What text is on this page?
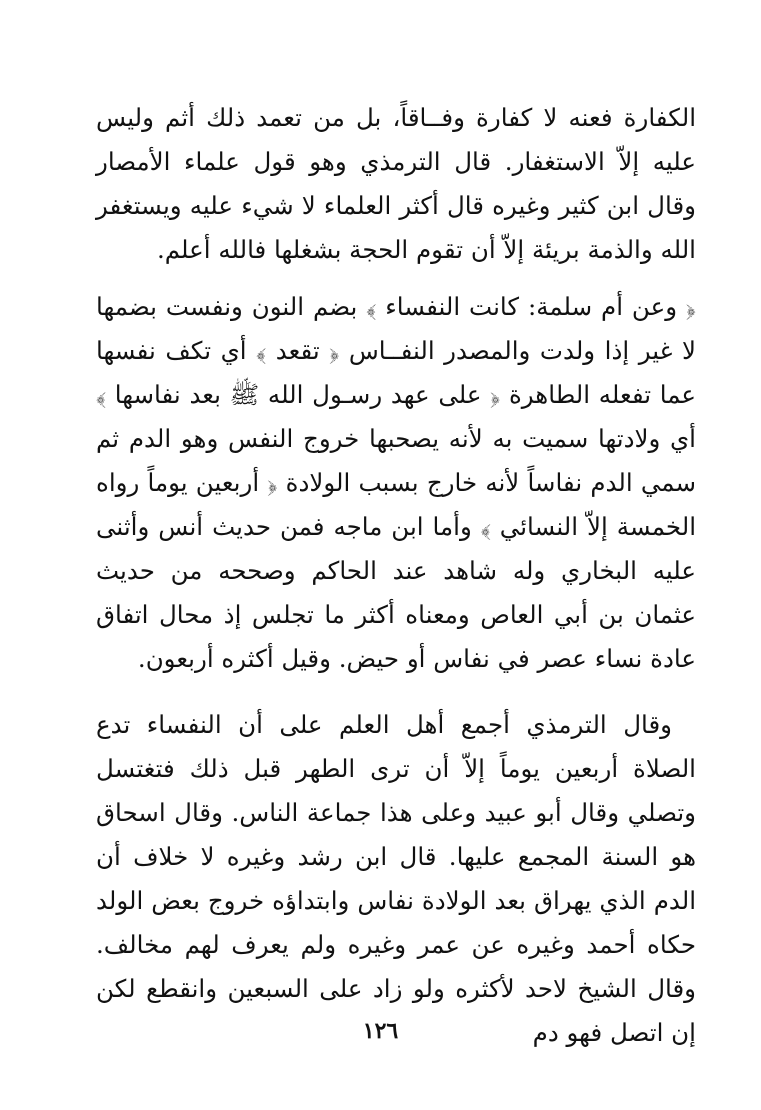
الكفارة فعنه لا كفارة وفــاقاً، بل من تعمد ذلك أثم وليس عليه إلاّ الاستغفار. قال الترمذي وهو قول علماء الأمصار وقال ابن كثير وغيره قال أكثر العلماء لا شيء عليه ويستغفر الله والذمة بريئة إلاّ أن تقوم الحجة بشغلها فالله أعلم.

﴿ وعن أم سلمة: كانت النفساء ﴾ بضم النون ونفست بضمها لا غير إذا ولدت والمصدر النفــاس ﴿ تقعد ﴾ أي تكف نفسها عما تفعله الطاهرة ﴿ على عهد رسـول الله ﷺ بعد نفاسها ﴾ أي ولادتها سميت به لأنه يصحبها خروج النفس وهو الدم ثم سمي الدم نفاساً لأنه خارج بسبب الولادة ﴿ أربعين يوماً رواه الخمسة إلاّ النسائي ﴾ وأما ابن ماجه فمن حديث أنس وأثنى عليه البخاري وله شاهد عند الحاكم وصححه من حديث عثمان بن أبي العاص ومعناه أكثر ما تجلس إذ محال اتفاق عادة نساء عصر في نفاس أو حيض. وقيل أكثره أربعون.

وقال الترمذي أجمع أهل العلم على أن النفساء تدع الصلاة أربعين يوماً إلاّ أن ترى الطهر قبل ذلك فتغتسل وتصلي وقال أبو عبيد وعلى هذا جماعة الناس. وقال اسحاق هو السنة المجمع عليها. قال ابن رشد وغيره لا خلاف أن الدم الذي يهراق بعد الولادة نفاس وابتداؤه خروج بعض الولد حكاه أحمد وغيره عن عمر وغيره ولم يعرف لهم مخالف. وقال الشيخ لاحد لأكثره ولو زاد على السبعين وانقطع لكن إن اتصل فهو دم

١٢٦
